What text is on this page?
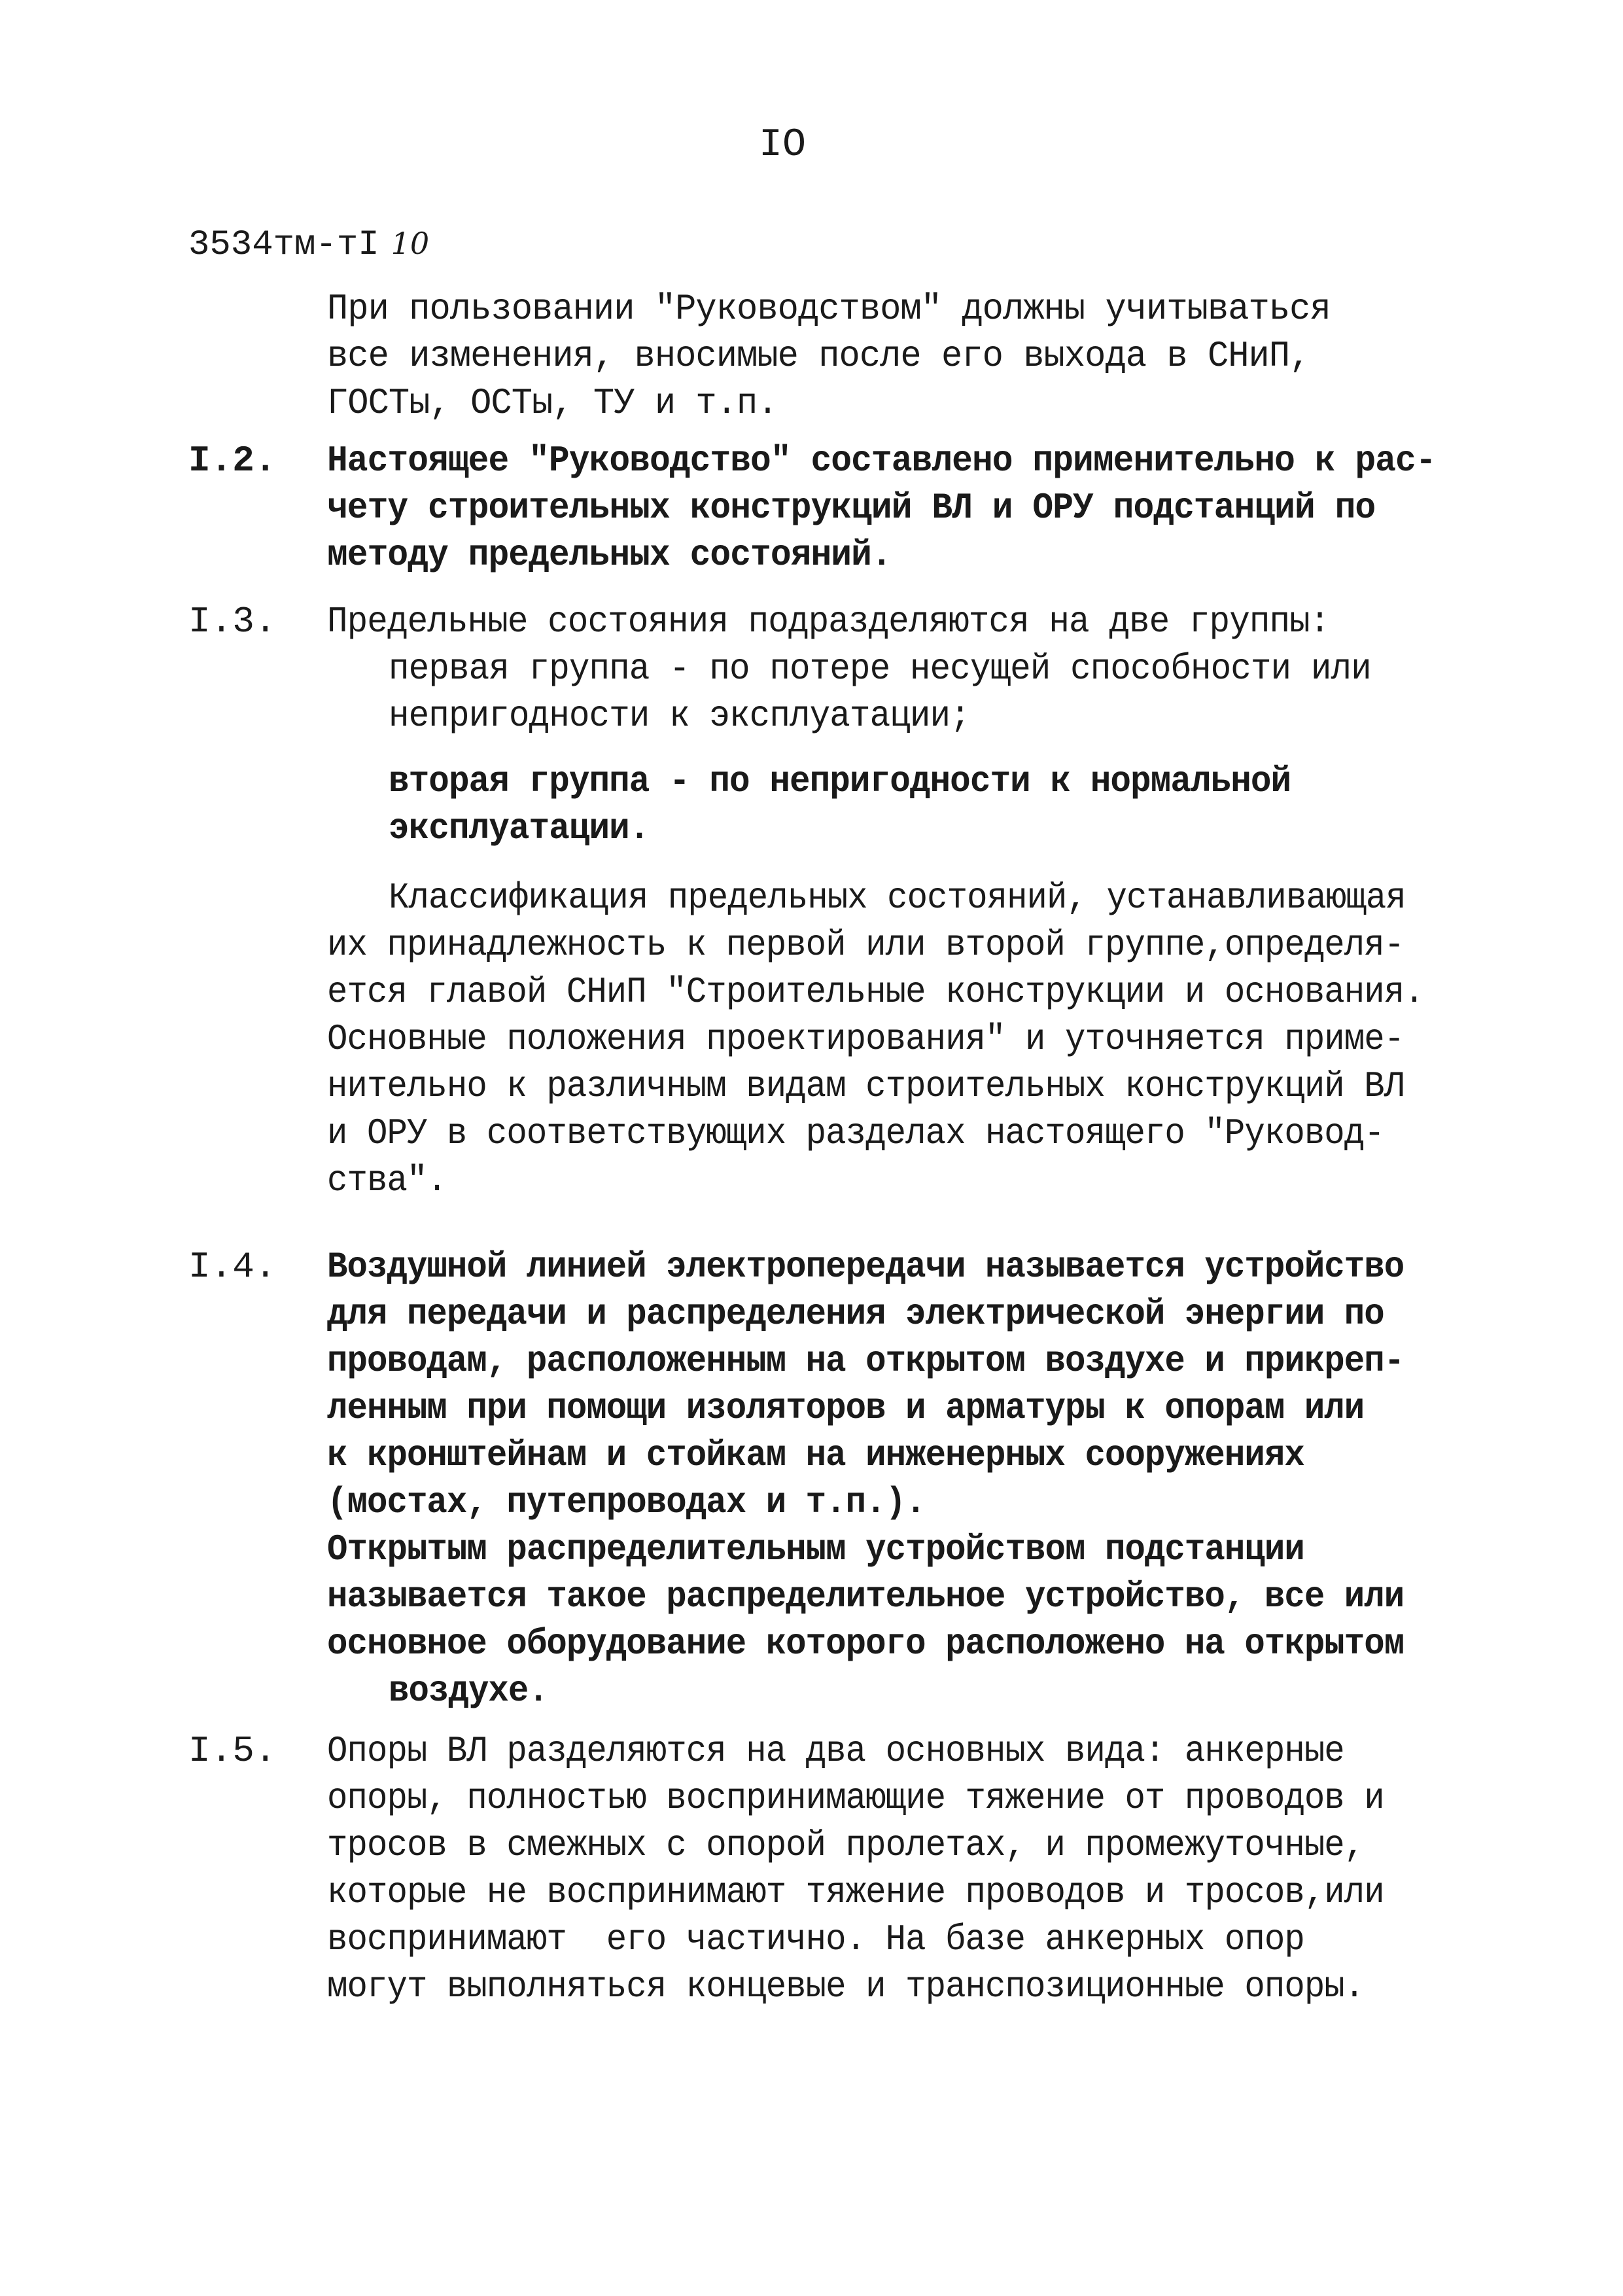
IO
3534тм-тI 10
При пользовании "Руководством" должны учитываться
все изменения, вносимые после его выхода в СНиП,
ГОСТы, ОСТы, ТУ и т.п.
I.2. Настоящее "Руководство" составлено применительно к рас-
чету строительных конструкций ВЛ и ОРУ подстанций по
методу предельных состояний.
I.3. Предельные состояния подразделяются на две группы:
первая группа - по потере несущей способности или
непригодности к эксплуатации;
вторая группа - по непригодности к нормальной
эксплуатации.
Классификация предельных состояний, устанавливающая
их принадлежность к первой или второй группе,определя-
ется главой СНиП "Строительные конструкции и основания.
Основные положения проектирования" и уточняется приме-
нительно к различным видам строительных конструкций ВЛ
и ОРУ в соответствующих разделах настоящего "Руковод-
ства".
I.4. Воздушной линией электропередачи называется устройство
для передачи и распределения электрической энергии по
проводам, расположенным на открытом воздухе и прикреп-
ленным при помощи изоляторов и арматуры к опорам или
к кронштейнам и стойкам на инженерных сооружениях
(мостах, путепроводах и т.п.).
Открытым распределительным устройством подстанции
называется такое распределительное устройство, все или
основное оборудование которого расположено на открытом
воздухе.
I.5. Опоры ВЛ разделяются на два основных вида: анкерные
опоры, полностью воспринимающие тяжение от проводов и
тросов в смежных с опорой пролетах, и промежуточные,
которые не воспринимают тяжение проводов и тросов,или
воспринимают  его частично. На базе анкерных опор
могут выполняться концевые и транспозиционные опоры.
